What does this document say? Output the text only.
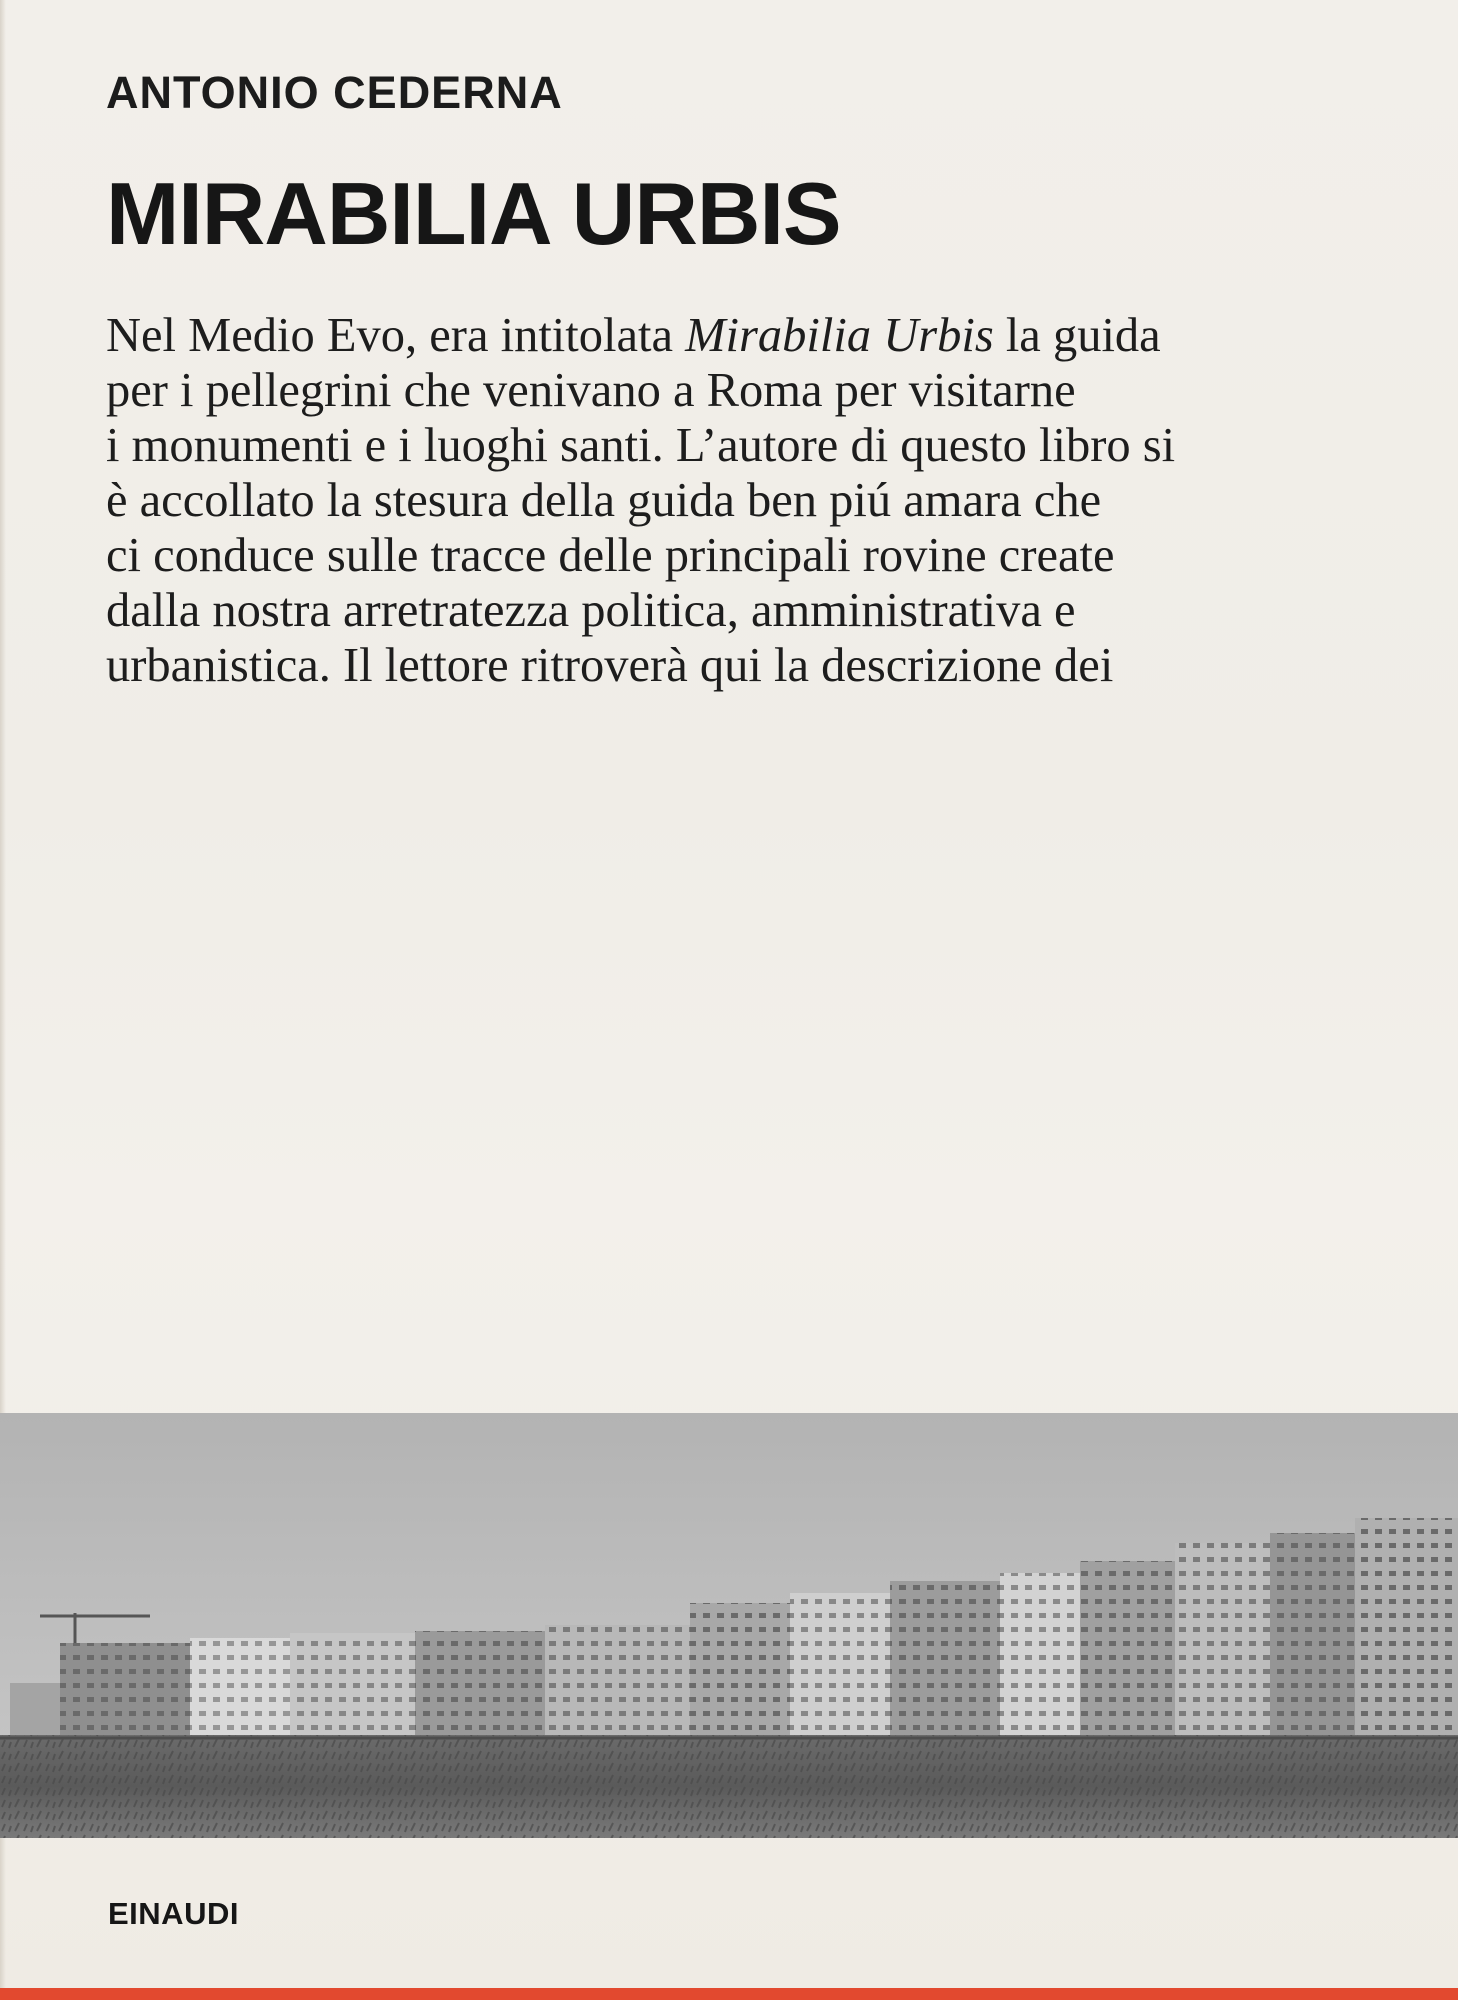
ANTONIO CEDERNA
MIRABILIA URBIS

Nel Medio Evo, era intitolata Mirabilia Urbis la guida
per i pellegrini che venivano a Roma per visitarne
i monumenti e i luoghi santi. L’autore di questo libro si
è accollato la stesura della guida ben piú amara che
ci conduce sulle tracce delle principali rovine create
dalla nostra arretratezza politica, amministrativa e
urbanistica. Il lettore ritroverà qui la descrizione dei

EINAUDI
